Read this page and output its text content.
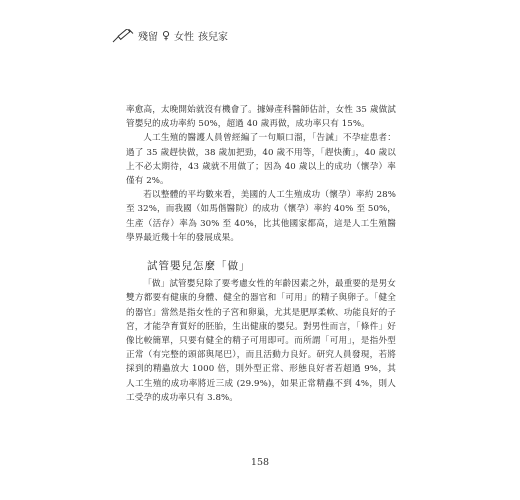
殘留 ♀ 女性 孩兒家

率愈高，太晚開始就沒有機會了。據婦產科醫師估計，女性 35 歲做試管嬰兒的成功率約 50%，超過 40 歲再做，成功率只有 15%。

人工生殖的醫護人員曾經編了一句順口溜，「告誡」不孕症患者：過了 35 歲趕快做，38 歲加把勁，40 歲不用等，「趕快衝」，40 歲以上不必太期待，43 歲就不用做了；因為 40 歲以上的成功（懷孕）率僅有 2%。

若以整體的平均數來看，美國的人工生殖成功（懷孕）率約 28% 至 32%，而我國（如馬偕醫院）的成功（懷孕）率約 40% 至 50%，生產（活存）率為 30% 至 40%，比其他國家都高，這是人工生殖醫學界最近幾十年的發展成果。

試管嬰兒怎麼「做」

「做」試管嬰兒除了要考慮女性的年齡因素之外，最重要的是男女雙方都要有健康的身體、健全的器官和「可用」的精子與卵子。「健全的器官」當然是指女性的子宮和卵巢，尤其是肥厚柔軟、功能良好的子宮，才能孕育質好的胚胎，生出健康的嬰兒。對男性而言，「條件」好像比較簡單，只要有健全的精子可用即可。而所謂「可用」，是指外型正常（有完整的頭部與尾巴），而且活動力良好。研究人員發現，若將採到的精蟲放大 1000 倍，則外型正常、形態良好者若超過 9%，其人工生殖的成功率將近三成 (29.9%)，如果正常精蟲不到 4%，則人工受孕的成功率只有 3.8%。

158
